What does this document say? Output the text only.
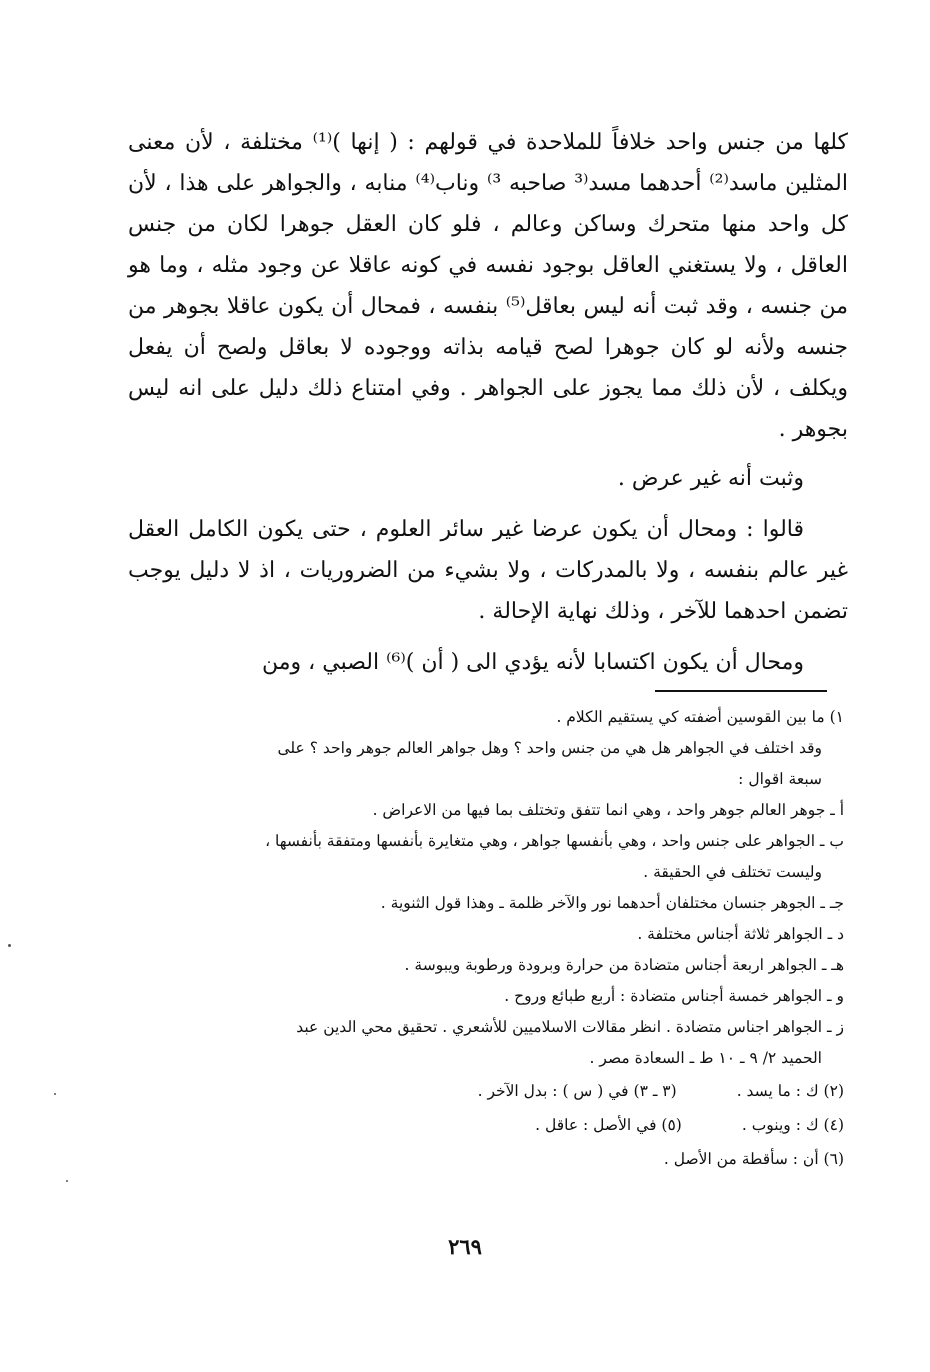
كلها من جنس واحد خلافاً للملاحدة في قولهم : ( إنها )⁽¹⁾ مختلفة ، لأن معنى المثلين ماسد⁽²⁾ أحدهما مسد⁽³ صاحبه ³⁾ وناب⁽⁴⁾ منابه ، والجواهر على هذا ، لأن كل واحد منها متحرك وساكن وعالم ، فلو كان العقل جوهرا لكان من جنس العاقل ، ولا يستغني العاقل بوجود نفسه في كونه عاقلا عن وجود مثله ، وما هو من جنسه ، وقد ثبت أنه ليس بعاقل⁽⁵⁾ بنفسه ، فمحال أن يكون عاقلا بجوهر من جنسه ولأنه لو كان جوهرا لصح قيامه بذاته ووجوده لا بعاقل ولصح أن يفعل ويكلف ، لأن ذلك مما يجوز على الجواهر . وفي امتناع ذلك دليل على انه ليس بجوهر .

وثبت أنه غير عرض .

قالوا : ومحال أن يكون عرضا غير سائر العلوم ، حتى يكون الكامل العقل غير عالم بنفسه ، ولا بالمدركات ، ولا بشيء من الضروريات ، اذ لا دليل يوجب تضمن احدهما للآخر ، وذلك نهاية الإحالة .

ومحال أن يكون اكتسابا لأنه يؤدي الى ( أن )⁽⁶⁾ الصبي ، ومن

١) ما بين القوسين أضفته كي يستقيم الكلام .

وقد اختلف في الجواهر هل هي من جنس واحد ؟ وهل جواهر العالم جوهر واحد ؟ على

سبعة اقوال :

أ ـ جوهر العالم جوهر واحد ، وهي انما تتفق وتختلف بما فيها من الاعراض .

ب ـ الجواهر على جنس واحد ، وهي بأنفسها جواهر ، وهي متغايرة بأنفسها ومتفقة بأنفسها ،

وليست تختلف في الحقيقة .

جـ ـ الجوهر جنسان مختلفان أحدهما نور والآخر ظلمة ـ وهذا قول الثنوية .

د ـ الجواهر ثلاثة أجناس مختلفة .

هـ ـ الجواهر اربعة أجناس متضادة من حرارة وبرودة ورطوبة ويبوسة .

و ـ الجواهر خمسة أجناس متضادة : أربع طبائع وروح .

ز ـ الجواهر اجناس متضادة . انظر مقالات الاسلاميين للأشعري . تحقيق محي الدين عبد

الحميد ٢/ ٩ ـ ١٠ ط ـ السعادة مصر .

(٢) ك : ما يسد .(٣ ـ ٣) في ( س ) : بدل الآخر .

(٤) ك : وينوب .(٥) في الأصل : عاقل .

(٦) أن : سأقطة من الأصل .

٢٦٩
